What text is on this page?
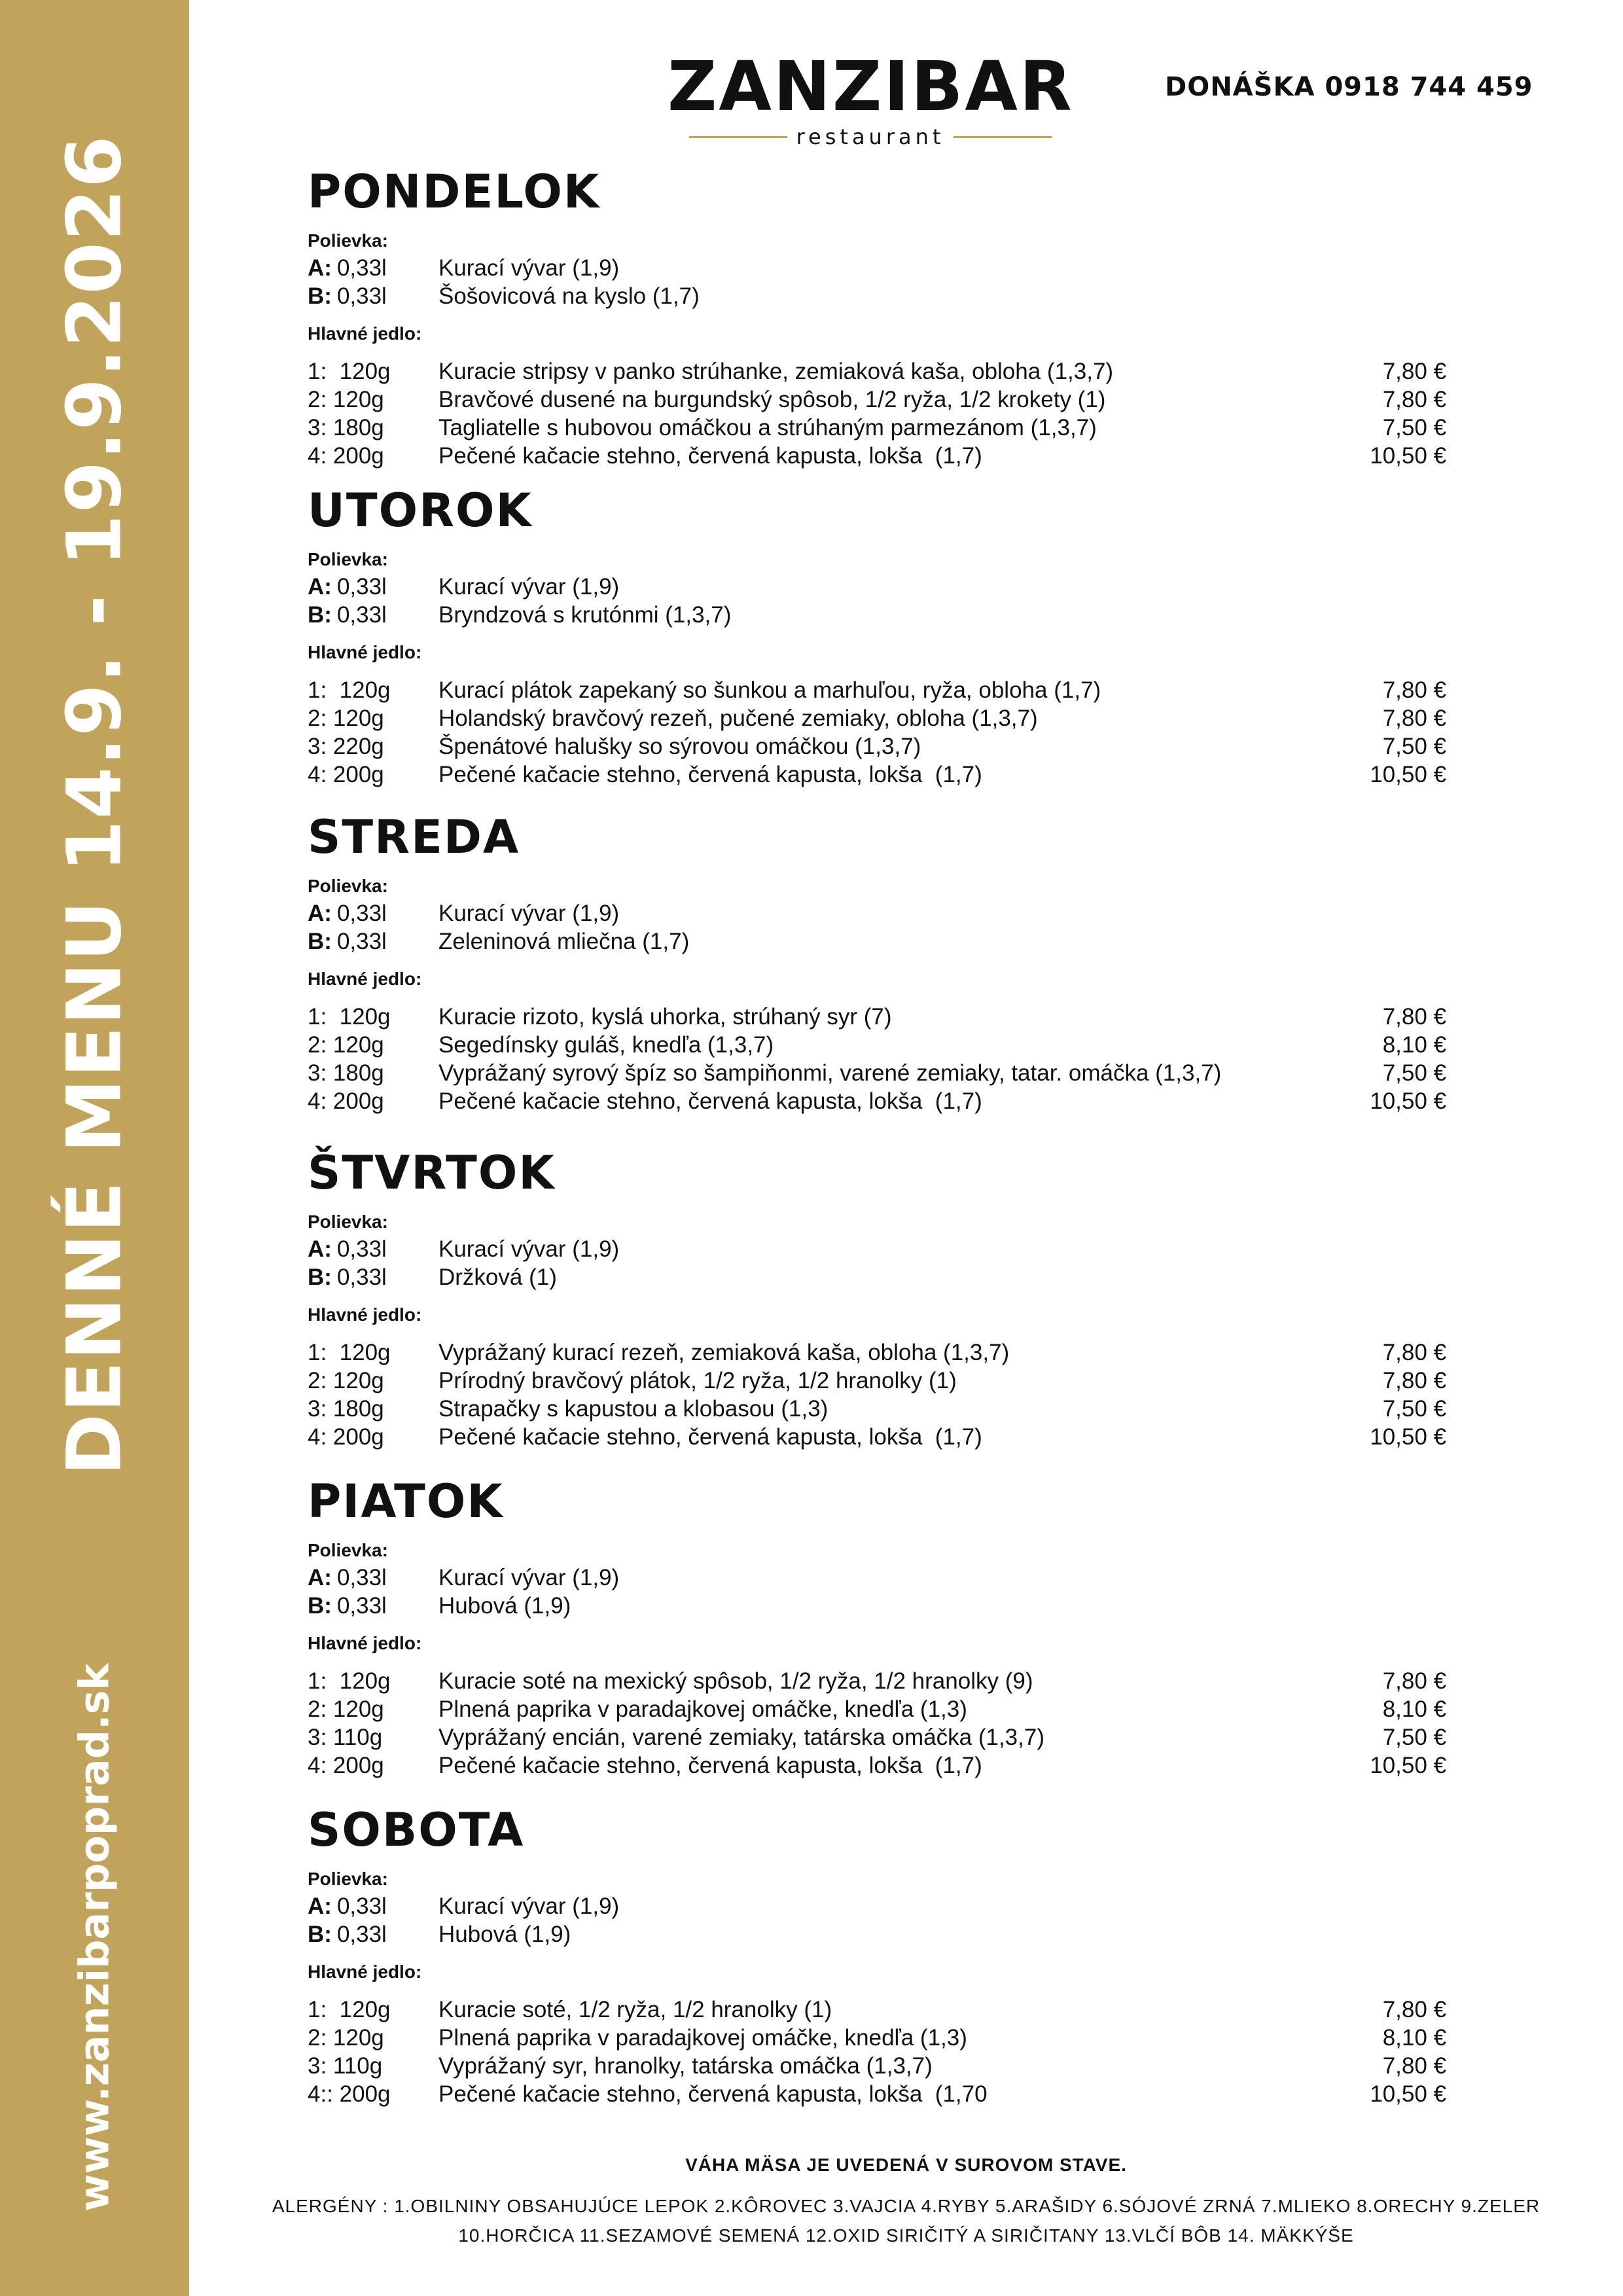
DENNÉ MENU 14.9. - 19.9.2026
www.zanzibarpoprad.sk
ZANZIBAR
restaurant
DONÁŠKA 0918 744 459
PONDELOK
Polievka:
A: 0,33l	Kurací vývar (1,9)
B: 0,33l	Šošovicová na kyslo (1,7)
Hlavné jedlo:
1:  120g	Kuracie stripsy v panko strúhanke, zemiaková kaša, obloha (1,3,7)	7,80 €
2: 120g	Bravčové dusené na burgundský spôsob, 1/2 ryža, 1/2 krokety (1)	7,80 €
3: 180g	Tagliatelle s hubovou omáčkou a strúhaným parmezánom (1,3,7)	7,50 €
4: 200g	Pečené kačacie stehno, červená kapusta, lokša  (1,7)	10,50 €
UTOROK
Polievka:
A: 0,33l	Kurací vývar (1,9)
B: 0,33l	Bryndzová s krutónmi (1,3,7)
Hlavné jedlo:
1:  120g	Kurací plátok zapekaný so šunkou a marhuľou, ryža, obloha (1,7)	7,80 €
2: 120g	Holandský bravčový rezeň, pučené zemiaky, obloha (1,3,7)	7,80 €
3: 220g	Špenátové halušky so sýrovou omáčkou (1,3,7)	7,50 €
4: 200g	Pečené kačacie stehno, červená kapusta, lokša  (1,7)	10,50 €
STREDA
Polievka:
A: 0,33l	Kurací vývar (1,9)
B: 0,33l	Zeleninová mliečna (1,7)
Hlavné jedlo:
1:  120g	Kuracie rizoto, kyslá uhorka, strúhaný syr (7)	7,80 €
2: 120g	Segedínsky guláš, knedľa (1,3,7)	8,10 €
3: 180g	Vyprážaný syrový špíz so šampiňonmi, varené zemiaky, tatar. omáčka (1,3,7)	7,50 €
4: 200g	Pečené kačacie stehno, červená kapusta, lokša  (1,7)	10,50 €
ŠTVRTOK
Polievka:
A: 0,33l	Kurací vývar (1,9)
B: 0,33l	Držková (1)
Hlavné jedlo:
1:  120g	Vyprážaný kurací rezeň, zemiaková kaša, obloha (1,3,7)	7,80 €
2: 120g	Prírodný bravčový plátok, 1/2 ryža, 1/2 hranolky (1)	7,80 €
3: 180g	Strapačky s kapustou a klobasou (1,3)	7,50 €
4: 200g	Pečené kačacie stehno, červená kapusta, lokša  (1,7)	10,50 €
PIATOK
Polievka:
A: 0,33l	Kurací vývar (1,9)
B: 0,33l	Hubová (1,9)
Hlavné jedlo:
1:  120g	Kuracie soté na mexický spôsob, 1/2 ryža, 1/2 hranolky (9)	7,80 €
2: 120g	Plnená paprika v paradajkovej omáčke, knedľa (1,3)	8,10 €
3: 110g	Vyprážaný encián, varené zemiaky, tatárska omáčka (1,3,7)	7,50 €
4: 200g	Pečené kačacie stehno, červená kapusta, lokša  (1,7)	10,50 €
SOBOTA
Polievka:
A: 0,33l	Kurací vývar (1,9)
B: 0,33l	Hubová (1,9)
Hlavné jedlo:
1:  120g	Kuracie soté, 1/2 ryža, 1/2 hranolky (1)	7,80 €
2: 120g	Plnená paprika v paradajkovej omáčke, knedľa (1,3)	8,10 €
3: 110g	Vyprážaný syr, hranolky, tatárska omáčka (1,3,7)	7,80 €
4:: 200g	Pečené kačacie stehno, červená kapusta, lokša  (1,70	10,50 €
VÁHA MÄSA JE UVEDENÁ V SUROVOM STAVE.
ALERGÉNY : 1.OBILNINY OBSAHUJÚCE LEPOK 2.KÔROVEC 3.VAJCIA 4.RYBY 5.ARAŠIDY 6.SÓJOVÉ ZRNÁ 7.MLIEKO 8.ORECHY 9.ZELER
10.HORČICA 11.SEZAMOVÉ SEMENÁ 12.OXID SIRIČITÝ A SIRIČITANY 13.VLČÍ BÔB 14. MÄKKÝŠE
